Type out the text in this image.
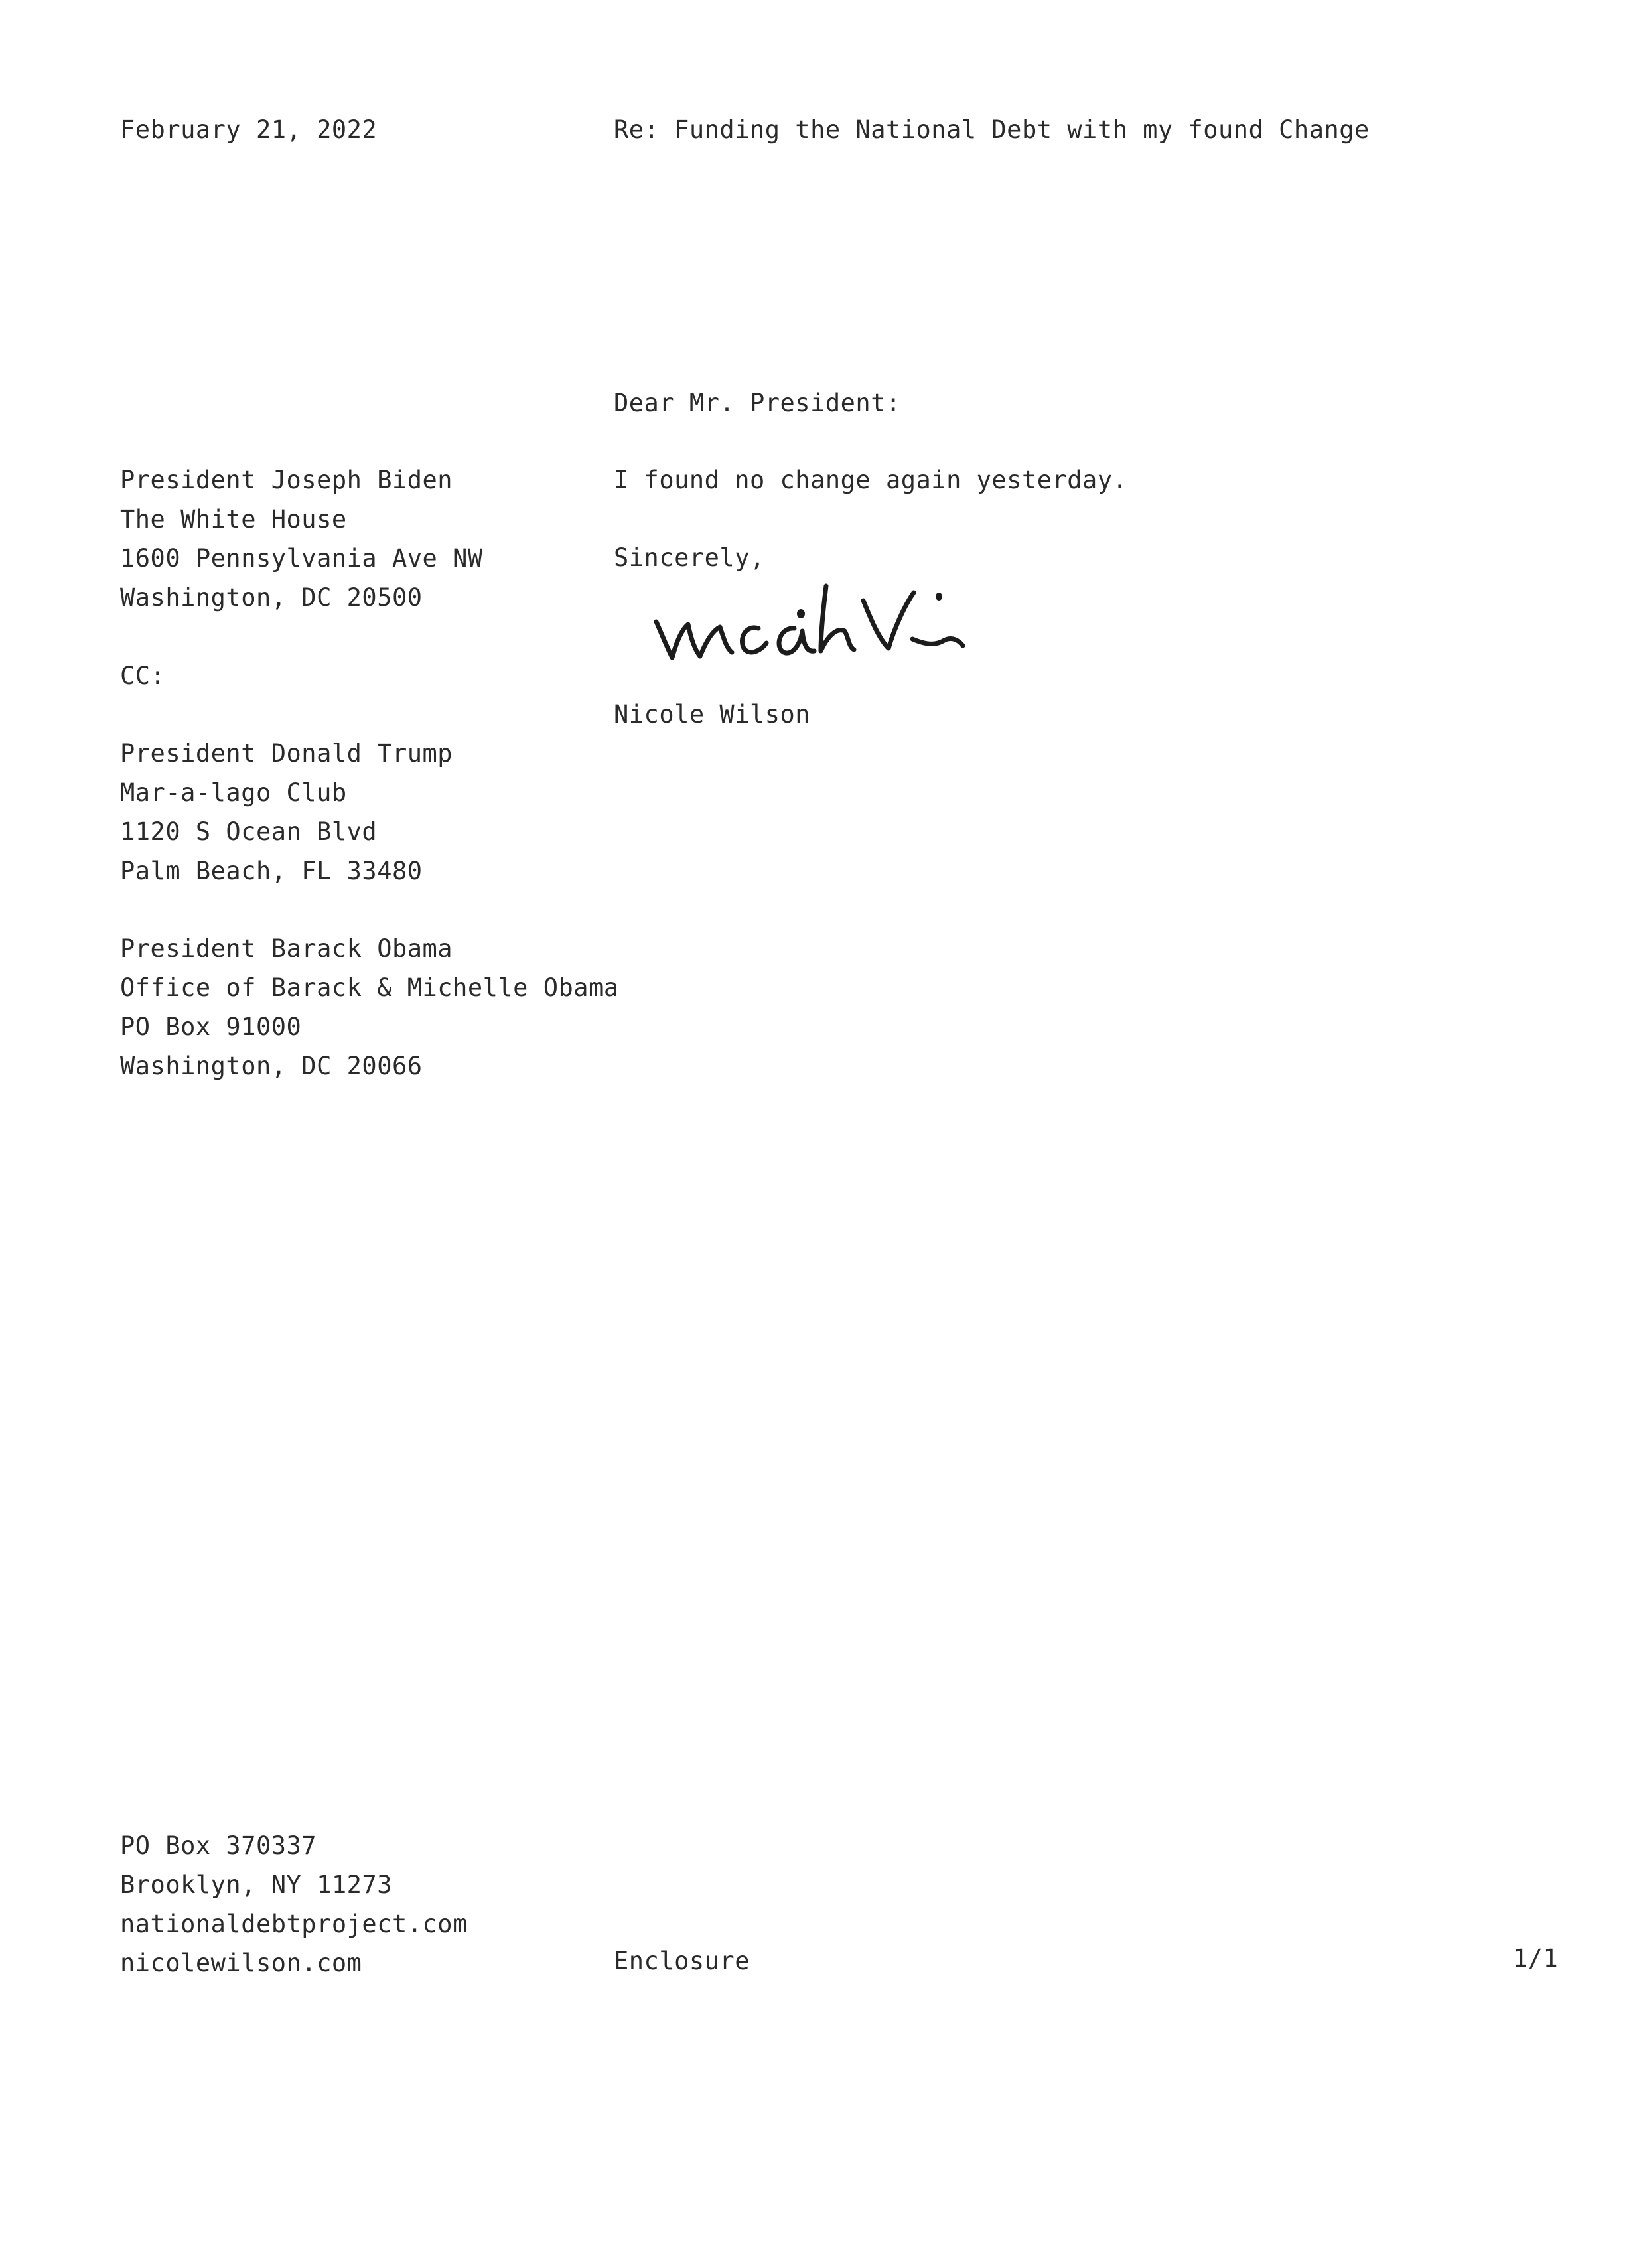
February 21, 2022	Re: Funding the National Debt with my found Change

Dear Mr. President:

President Joseph Biden
The White House
1600 Pennsylvania Ave NW
Washington, DC 20500

I found no change again yesterday.

Sincerely,

CC:

Nicole Wilson

President Donald Trump
Mar-a-lago Club
1120 S Ocean Blvd
Palm Beach, FL 33480
President Barack Obama
Office of Barack & Michelle Obama
PO Box 91000
Washington, DC 20066
PO Box 370337
Brooklyn, NY 11273
nationaldebtproject.com
nicolewilson.com	Enclosure	1/1
